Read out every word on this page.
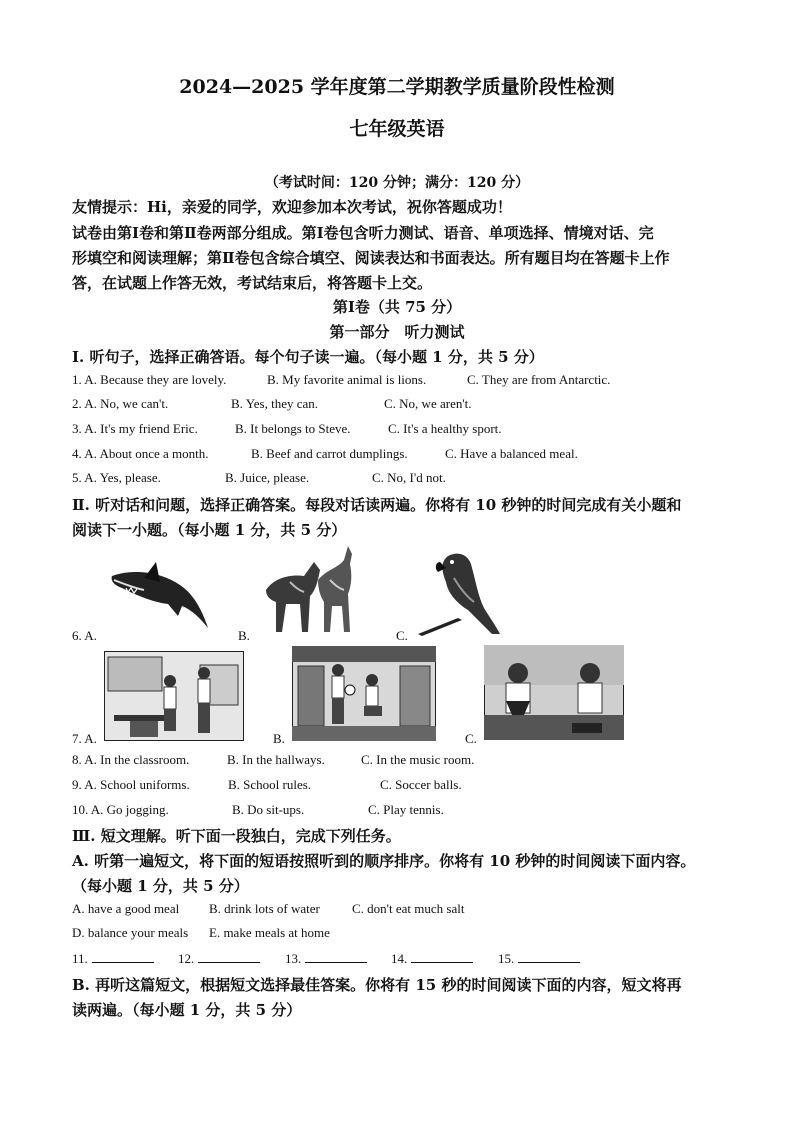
2024—2025 学年度第二学期教学质量阶段性检测
七年级英语
（考试时间：120 分钟；满分：120 分）
友情提示：Hi，亲爱的同学，欢迎参加本次考试，祝你答题成功！
试卷由第Ⅰ卷和第Ⅱ卷两部分组成。第Ⅰ卷包含听力测试、语音、单项选择、情境对话、完
形填空和阅读理解；第Ⅱ卷包含综合填空、阅读表达和书面表达。所有题目均在答题卡上作
答，在试题上作答无效，考试结束后，将答题卡上交。
第Ⅰ卷（共 75 分）
第一部分　听力测试
Ⅰ. 听句子，选择正确答语。每个句子读一遍。（每小题 1 分，共 5 分）
1. A. Because they are lovely.	B. My favorite animal is lions.	C. They are from Antarctic.
2. A. No, we can't.	B. Yes, they can.	C. No, we aren't.
3. A. It's my friend Eric.	B. It belongs to Steve.	C. It's a healthy sport.
4. A. About once a month.	B. Beef and carrot dumplings.	C. Have a balanced meal.
5. A. Yes, please.	B. Juice, please.	C. No, I'd not.
Ⅱ. 听对话和问题，选择正确答案。每段对话读两遍。你将有 10 秒钟的时间完成有关小题和
阅读下一小题。（每小题 1 分，共 5 分）
6. A.	B.	C.
7. A.	B.	C.
8. A. In the classroom.	B. In the hallways.	C. In the music room.
9. A. School uniforms.	B. School rules.	C. Soccer balls.
10. A. Go jogging.	B. Do sit-ups.	C. Play tennis.
Ⅲ. 短文理解。听下面一段独白，完成下列任务。
A. 听第一遍短文，将下面的短语按照听到的顺序排序。你将有 10 秒钟的时间阅读下面内容。
（每小题 1 分，共 5 分）
A. have a good meal B. drink lots of water C. don't eat much salt
D. balance your meals E. make meals at home
11.	12.	13.	14.	15.
B. 再听这篇短文，根据短文选择最佳答案。你将有 15 秒的时间阅读下面的内容，短文将再
读两遍。（每小题 1 分，共 5 分）
